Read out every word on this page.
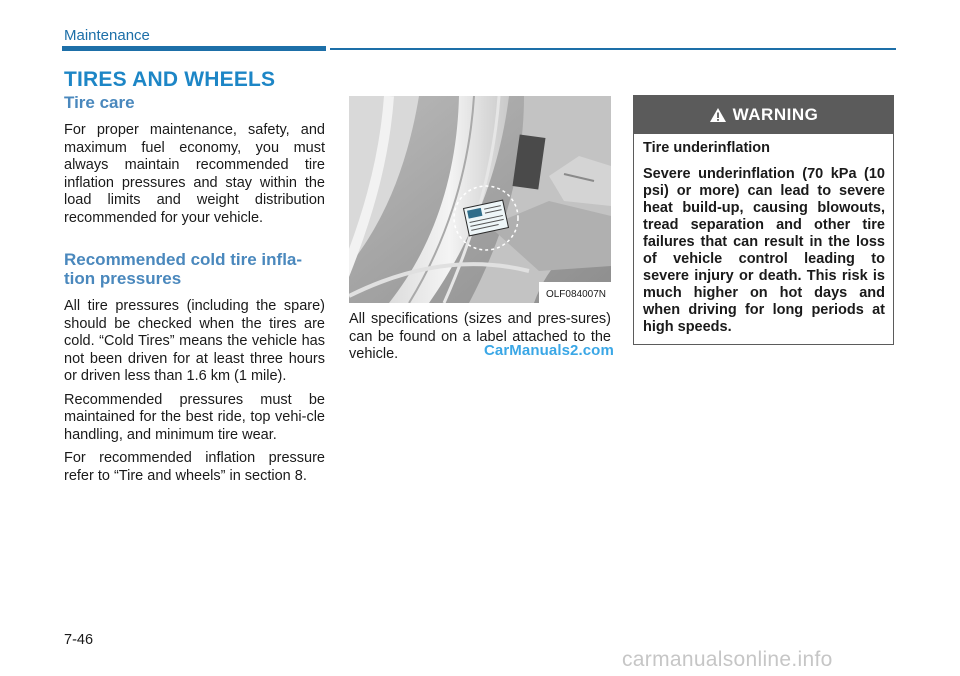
Maintenance
TIRES AND WHEELS
Tire care

For proper maintenance, safety, and maximum fuel economy, you must always maintain recommended tire inflation pressures and stay within the load limits and weight distribution recommended for your vehicle.

Recommended cold tire infla-
tion pressures

All tire pressures (including the spare) should be checked when the tires are cold. “Cold Tires” means the vehicle has not been driven for at least three hours or driven less than 1.6 km (1 mile).

Recommended pressures must be maintained for the best ride, top vehi-cle handling, and minimum tire wear.

For recommended inflation pressure refer to “Tire and wheels” in section 8.

OLF084007N
All specifications (sizes and pres-sures) can be found on a label attached to the vehicle.	CarManuals2.com
WARNING
Tire underinflation
Severe underinflation (70 kPa (10 psi) or more) can lead to severe heat build-up, causing blowouts, tread separation and other tire failures that can result in the loss of vehicle control leading to severe injury or death. This risk is much higher on hot days and when driving for long periods at high speeds.
7-46
carmanualsonline.info
